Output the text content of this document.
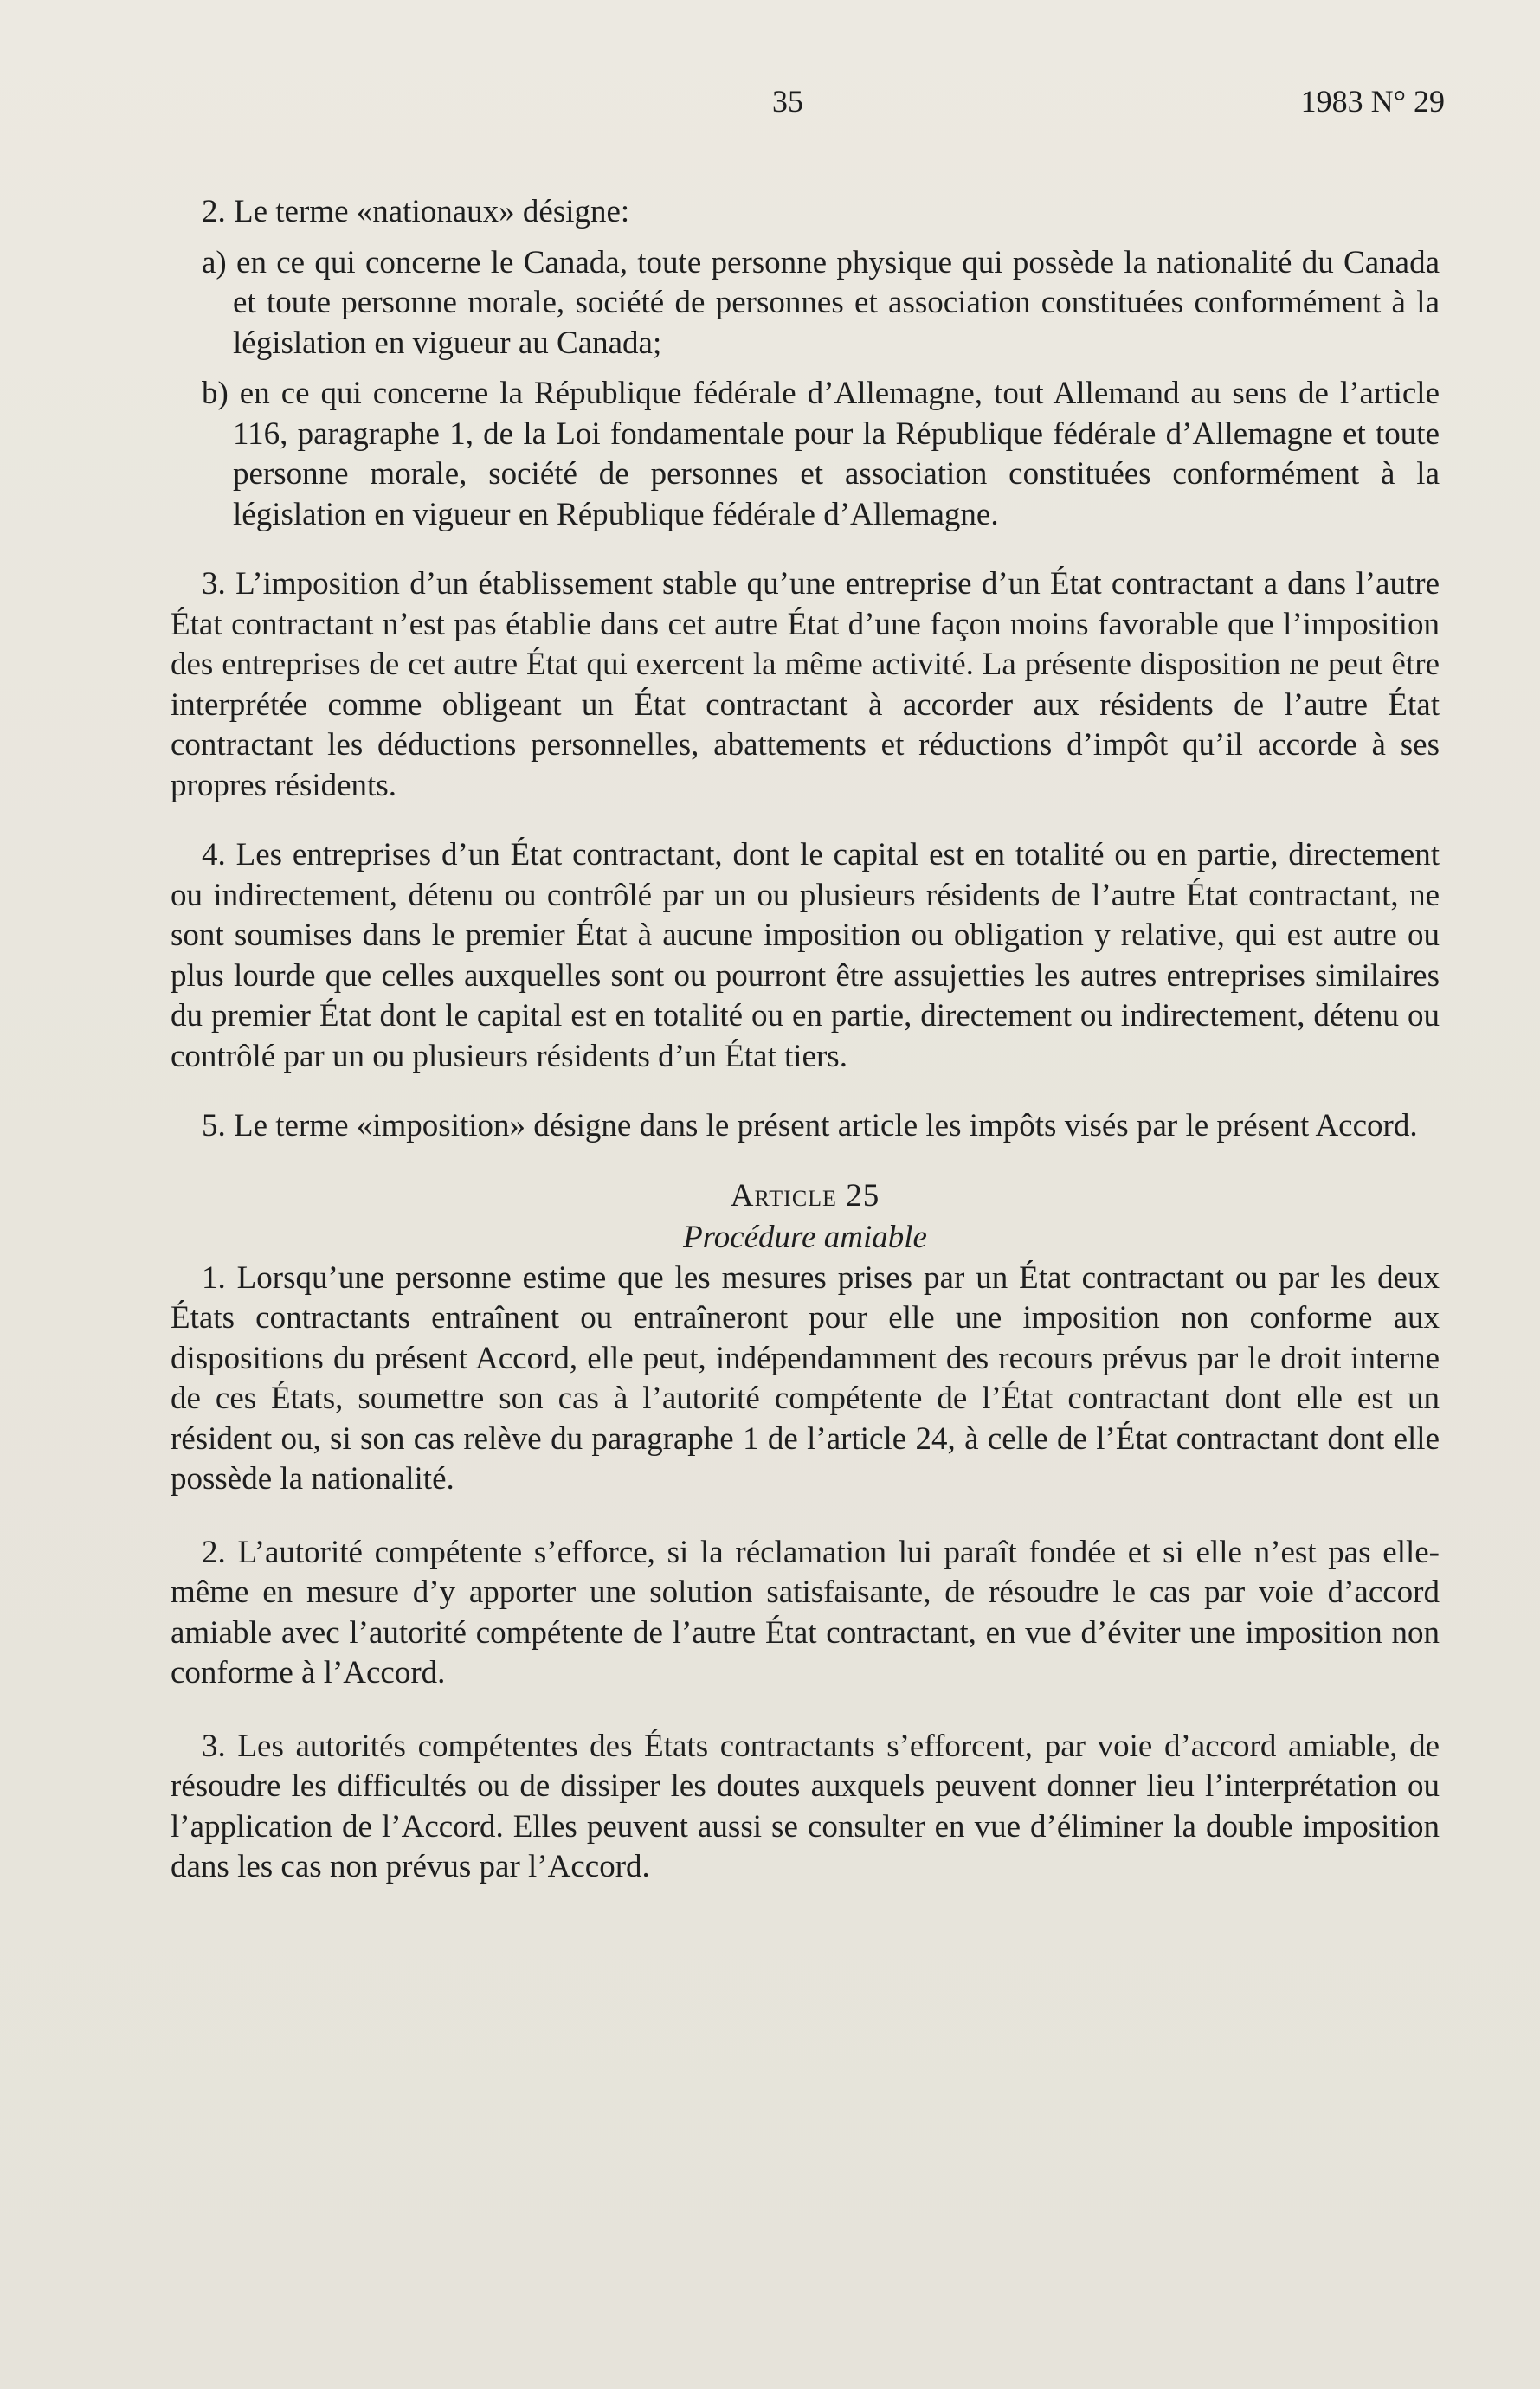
35	1983 N° 29

2. Le terme «nationaux» désigne:

a) en ce qui concerne le Canada, toute personne physique qui possède la nationalité du Canada et toute personne morale, société de personnes et association constituées conformément à la législation en vigueur au Canada;

b) en ce qui concerne la République fédérale d’Allemagne, tout Allemand au sens de l’article 116, paragraphe 1, de la Loi fondamentale pour la République fédérale d’Allemagne et toute personne morale, société de personnes et association constituées conformément à la législation en vigueur en République fédérale d’Allemagne.

3. L’imposition d’un établissement stable qu’une entreprise d’un État contractant a dans l’autre État contractant n’est pas établie dans cet autre État d’une façon moins favorable que l’imposition des entreprises de cet autre État qui exercent la même activité. La présente disposition ne peut être interprétée comme obligeant un État contractant à accorder aux résidents de l’autre État contractant les déductions personnelles, abattements et réductions d’impôt qu’il accorde à ses propres résidents.

4. Les entreprises d’un État contractant, dont le capital est en totalité ou en partie, directement ou indirectement, détenu ou contrôlé par un ou plusieurs résidents de l’autre État contractant, ne sont soumises dans le premier État à aucune imposition ou obligation y relative, qui est autre ou plus lourde que celles auxquelles sont ou pourront être assujetties les autres entreprises similaires du premier État dont le capital est en totalité ou en partie, directement ou indirectement, détenu ou contrôlé par un ou plusieurs résidents d’un État tiers.

5. Le terme «imposition» désigne dans le présent article les impôts visés par le présent Accord.

Article 25

Procédure amiable

1. Lorsqu’une personne estime que les mesures prises par un État contractant ou par les deux États contractants entraînent ou entraîneront pour elle une imposition non conforme aux dispositions du présent Accord, elle peut, indépendamment des recours prévus par le droit interne de ces États, soumettre son cas à l’autorité compétente de l’État contractant dont elle est un résident ou, si son cas relève du paragraphe 1 de l’article 24, à celle de l’État contractant dont elle possède la nationalité.

2. L’autorité compétente s’efforce, si la réclamation lui paraît fondée et si elle n’est pas elle-même en mesure d’y apporter une solution satisfaisante, de résoudre le cas par voie d’accord amiable avec l’autorité compétente de l’autre État contractant, en vue d’éviter une imposition non conforme à l’Accord.

3. Les autorités compétentes des États contractants s’efforcent, par voie d’accord amiable, de résoudre les difficultés ou de dissiper les doutes auxquels peuvent donner lieu l’interprétation ou l’application de l’Accord. Elles peuvent aussi se consulter en vue d’éliminer la double imposition dans les cas non prévus par l’Accord.
